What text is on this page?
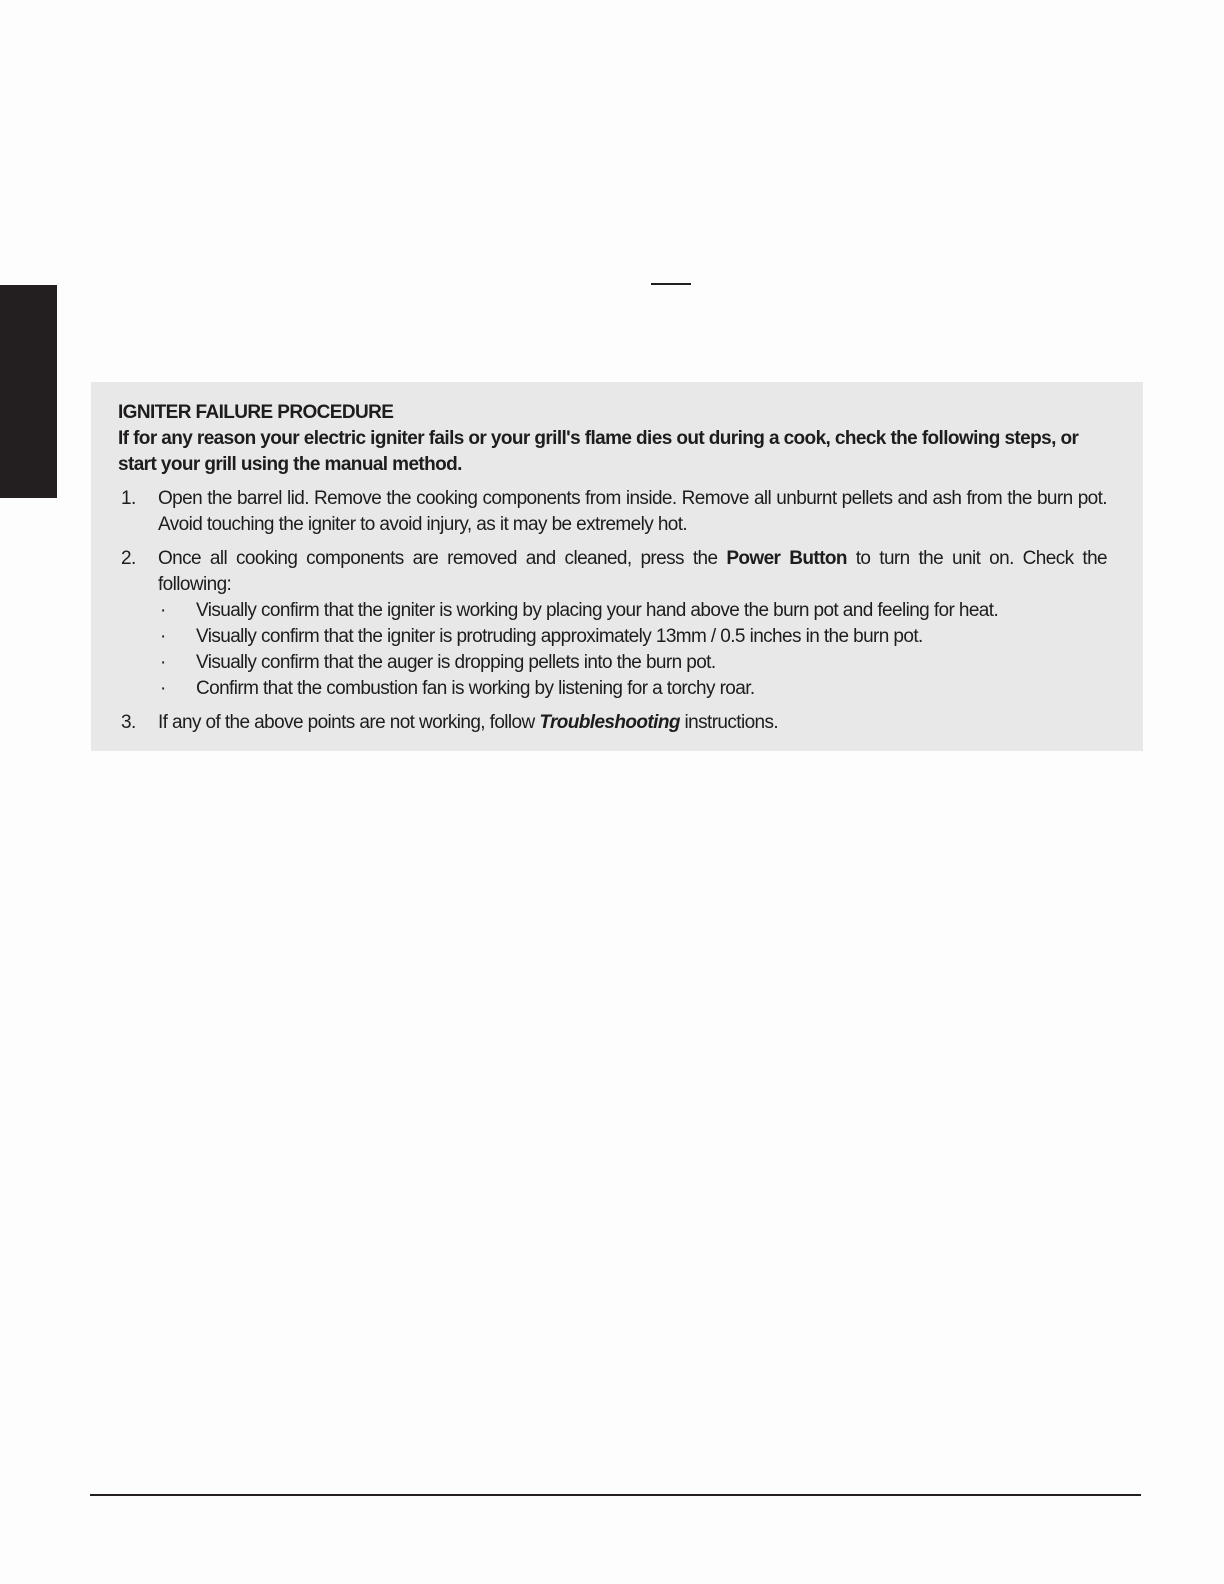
IGNITER FAILURE PROCEDURE
If for any reason your electric igniter fails or your grill's flame dies out during a cook, check the following steps, or start your grill using the manual method.
1.	Open the barrel lid. Remove the cooking components from inside. Remove all unburnt pellets and ash from the burn pot. Avoid touching the igniter to avoid injury, as it may be extremely hot.
2.	Once all cooking components are removed and cleaned, press the Power Button to turn the unit on. Check the following:
·	Visually confirm that the igniter is working by placing your hand above the burn pot and feeling for heat.
·	Visually confirm that the igniter is protruding approximately 13mm / 0.5 inches in the burn pot.
·	Visually confirm that the auger is dropping pellets into the burn pot.
·	Confirm that the combustion fan is working by listening for a torchy roar.
3.	If any of the above points are not working, follow Troubleshooting instructions.
